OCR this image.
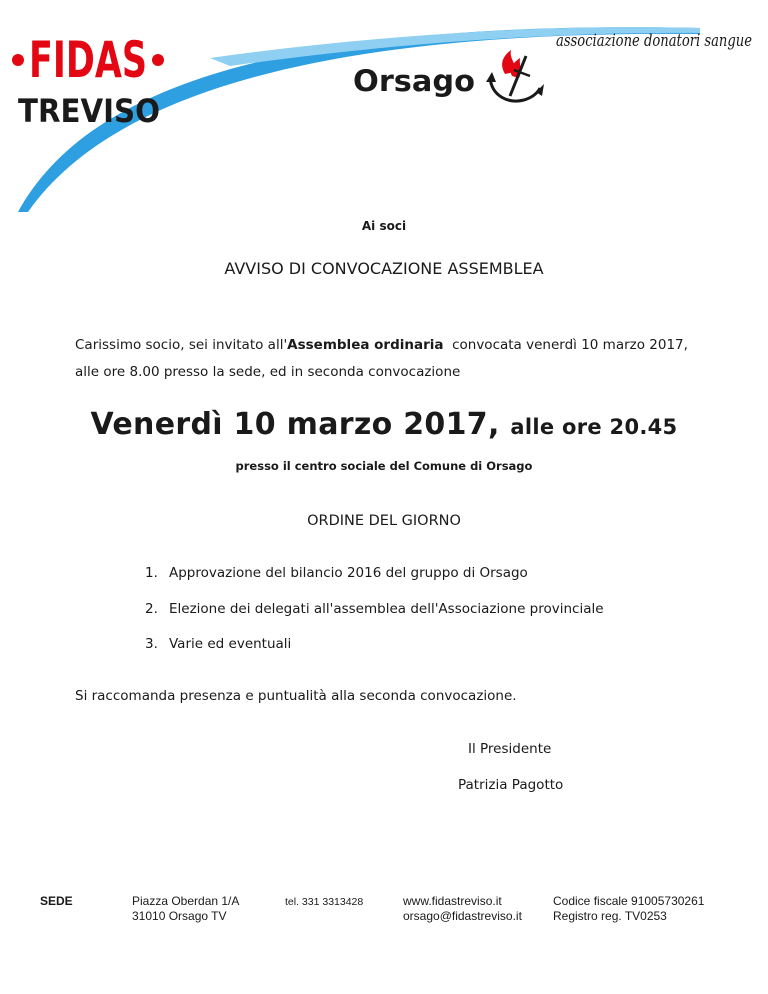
FIDAS
TREVISO
Orsago
associazione donatori sangue
Ai soci
AVVISO DI CONVOCAZIONE ASSEMBLEA
Carissimo socio, sei invitato all'Assemblea ordinaria  convocata venerdì 10 marzo 2017,
alle ore 8.00 presso la sede, ed in seconda convocazione
Venerdì 10 marzo 2017, alle ore 20.45
presso il centro sociale del Comune di Orsago
ORDINE DEL GIORNO
1. Approvazione del bilancio 2016 del gruppo di Orsago
2. Elezione dei delegati all'assemblea dell'Associazione provinciale
3. Varie ed eventuali
Si raccomanda presenza e puntualità alla seconda convocazione.
Il Presidente
Patrizia Pagotto
SEDE	Piazza Oberdan 1/A
31010 Orsago TV
tel. 331 3313428	www.fidastreviso.it
orsago@fidastreviso.it
Codice fiscale 91005730261
Registro reg. TV0253
